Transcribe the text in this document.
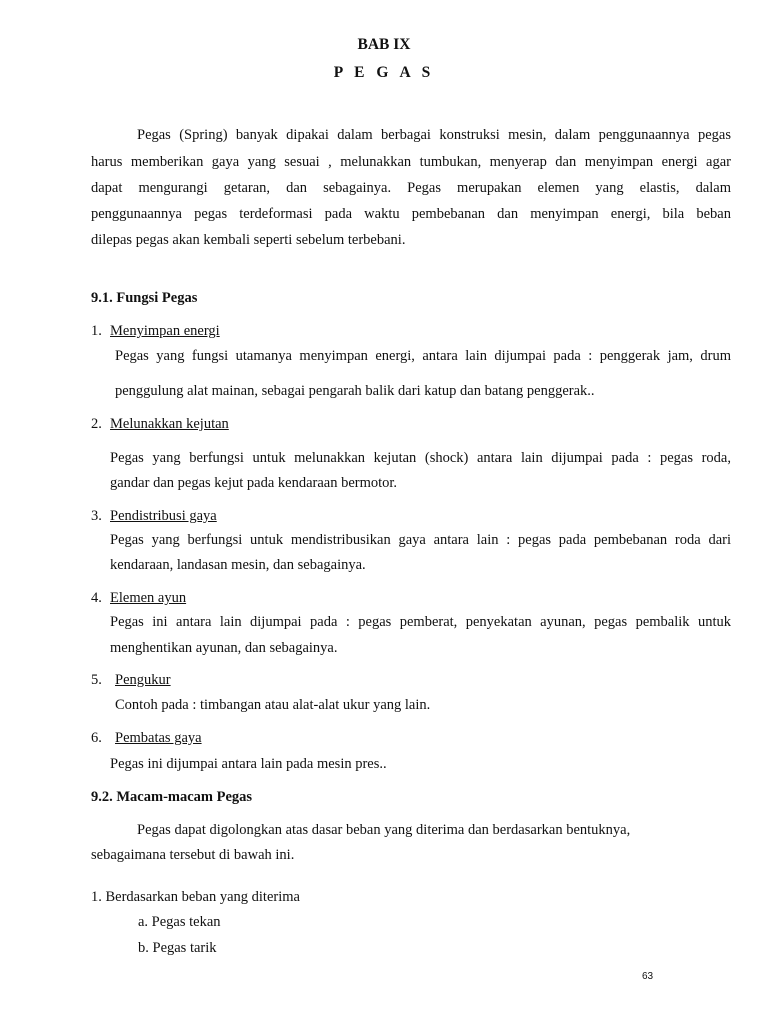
BAB IX
P E G A S
Pegas (Spring) banyak dipakai dalam berbagai konstruksi mesin, dalam penggunaannya pegas
harus memberikan gaya yang sesuai , melunakkan tumbukan, menyerap dan menyimpan energi agar
dapat mengurangi getaran, dan sebagainya. Pegas merupakan elemen yang elastis, dalam
penggunaannya pegas terdeformasi pada waktu pembebanan dan menyimpan energi, bila beban
dilepas pegas akan kembali seperti sebelum terbebani.
9.1. Fungsi Pegas
1. Menyimpan energi
Pegas yang fungsi utamanya menyimpan energi, antara lain dijumpai pada : penggerak jam, drum
penggulung alat mainan, sebagai pengarah balik dari katup dan batang penggerak..
2. Melunakkan kejutan
Pegas yang berfungsi untuk melunakkan kejutan (shock) antara lain dijumpai pada : pegas roda,
gandar dan pegas kejut pada kendaraan bermotor.
3. Pendistribusi gaya
Pegas yang berfungsi untuk mendistribusikan gaya antara lain : pegas pada pembebanan roda dari
kendaraan, landasan mesin, dan sebagainya.
4. Elemen ayun
Pegas ini antara lain dijumpai pada : pegas pemberat, penyekatan ayunan, pegas pembalik untuk
menghentikan ayunan, dan sebagainya.
5. Pengukur
Contoh pada : timbangan atau alat-alat ukur yang lain.
6. Pembatas gaya
Pegas ini dijumpai antara lain pada mesin pres..
9.2. Macam-macam Pegas
Pegas dapat digolongkan atas dasar beban yang diterima dan berdasarkan bentuknya,
sebagaimana tersebut di bawah ini.
1. Berdasarkan beban yang diterima
a. Pegas tekan
b. Pegas tarik
63
